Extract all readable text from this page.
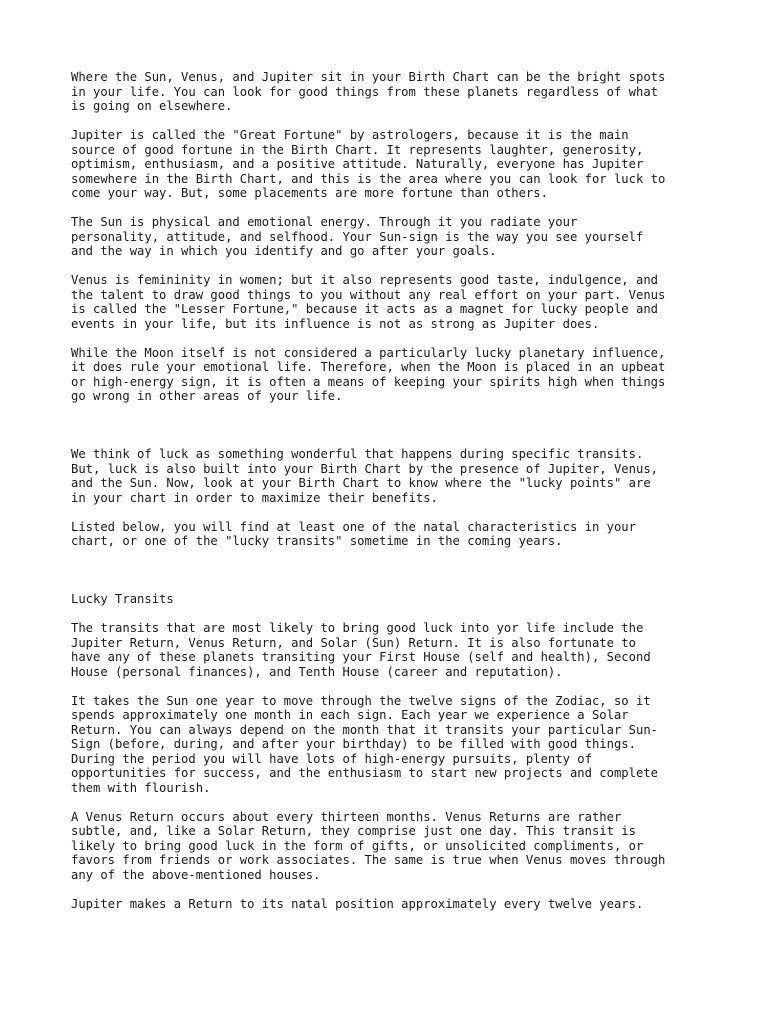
Where the Sun, Venus, and Jupiter sit in your Birth Chart can be the bright spots
in your life. You can look for good things from these planets regardless of what
is going on elsewhere.

Jupiter is called the "Great Fortune" by astrologers, because it is the main
source of good fortune in the Birth Chart. It represents laughter, generosity,
optimism, enthusiasm, and a positive attitude. Naturally, everyone has Jupiter
somewhere in the Birth Chart, and this is the area where you can look for luck to
come your way. But, some placements are more fortune than others.

The Sun is physical and emotional energy. Through it you radiate your
personality, attitude, and selfhood. Your Sun-sign is the way you see yourself
and the way in which you identify and go after your goals.

Venus is femininity in women; but it also represents good taste, indulgence, and
the talent to draw good things to you without any real effort on your part. Venus
is called the "Lesser Fortune," because it acts as a magnet for lucky people and
events in your life, but its influence is not as strong as Jupiter does.

While the Moon itself is not considered a particularly lucky planetary influence,
it does rule your emotional life. Therefore, when the Moon is placed in an upbeat
or high-energy sign, it is often a means of keeping your spirits high when things
go wrong in other areas of your life.

We think of luck as something wonderful that happens during specific transits.
But, luck is also built into your Birth Chart by the presence of Jupiter, Venus,
and the Sun. Now, look at your Birth Chart to know where the "lucky points" are
in your chart in order to maximize their benefits.

Listed below, you will find at least one of the natal characteristics in your
chart, or one of the "lucky transits" sometime in the coming years.

Lucky Transits

The transits that are most likely to bring good luck into yor life include the
Jupiter Return, Venus Return, and Solar (Sun) Return. It is also fortunate to
have any of these planets transiting your First House (self and health), Second
House (personal finances), and Tenth House (career and reputation).

It takes the Sun one year to move through the twelve signs of the Zodiac, so it
spends approximately one month in each sign. Each year we experience a Solar
Return. You can always depend on the month that it transits your particular Sun-
Sign (before, during, and after your birthday) to be filled with good things.
During the period you will have lots of high-energy pursuits, plenty of
opportunities for success, and the enthusiasm to start new projects and complete
them with flourish.

A Venus Return occurs about every thirteen months. Venus Returns are rather
subtle, and, like a Solar Return, they comprise just one day. This transit is
likely to bring good luck in the form of gifts, or unsolicited compliments, or
favors from friends or work associates. The same is true when Venus moves through
any of the above-mentioned houses.

Jupiter makes a Return to its natal position approximately every twelve years.
